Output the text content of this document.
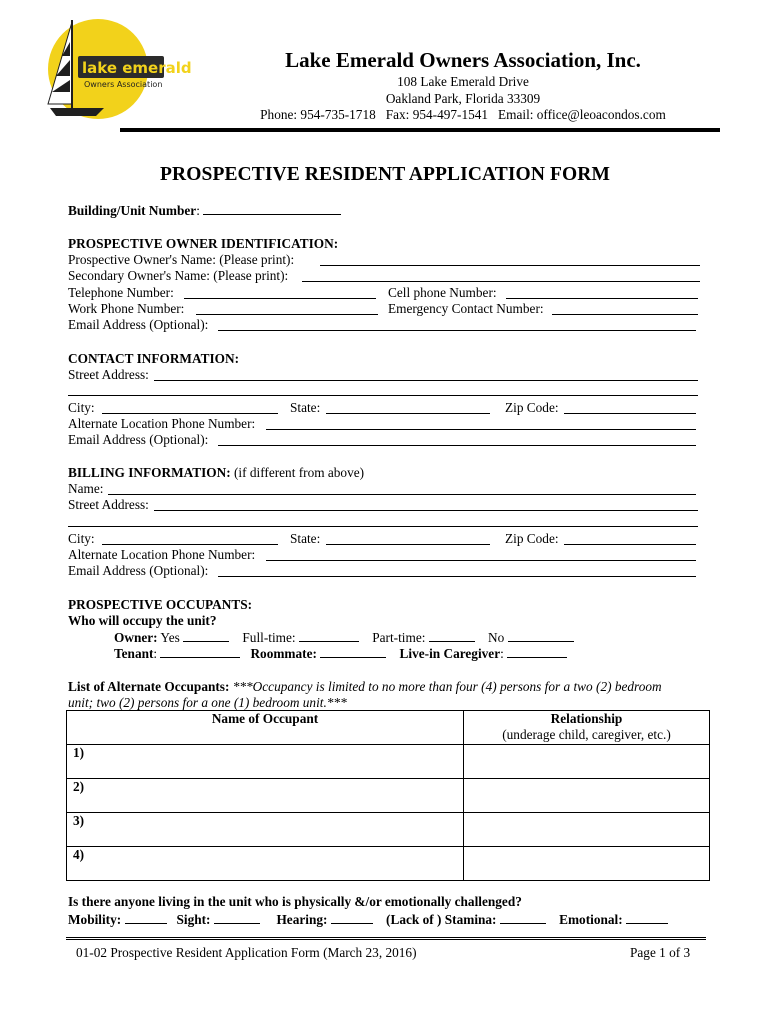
lake emerald
Owners Association
Lake Emerald Owners Association, Inc.
108 Lake Emerald Drive
Oakland Park, Florida 33309
Phone: 954-735-1718   Fax: 954-497-1541   Email: office@leoacondos.com
PROSPECTIVE RESIDENT APPLICATION FORM
Building/Unit Number:
PROSPECTIVE OWNER IDENTIFICATION:
Prospective Owner's Name: (Please print):
Secondary Owner's Name: (Please print):
Telephone Number:	Cell phone Number:
Work Phone Number:	Emergency Contact Number:
Email Address (Optional):
CONTACT INFORMATION:
Street Address:
City:	State:	Zip Code:
Alternate Location Phone Number:
Email Address (Optional):
BILLING INFORMATION: (if different from above)
Name:
Street Address:
City:	State:	Zip Code:
Alternate Location Phone Number:
Email Address (Optional):
PROSPECTIVE OCCUPANTS:
Who will occupy the unit?
Owner: Yes	Full-time:	Part-time:	No
Tenant:	Roommate:	Live-in Caregiver:
List of Alternate Occupants: ***Occupancy is limited to no more than four (4) persons for a two (2) bedroom
unit; two (2) persons for a one (1) bedroom unit.***
Name of Occupant	Relationship
(underage child, caregiver, etc.)

1)	
2)	
3)	
4)	
Is there anyone living in the unit who is physically &/or emotionally challenged?
Mobility:	Sight:	Hearing:	(Lack of ) Stamina:	Emotional:
01-02 Prospective Resident Application Form (March 23, 2016)	Page 1 of 3
